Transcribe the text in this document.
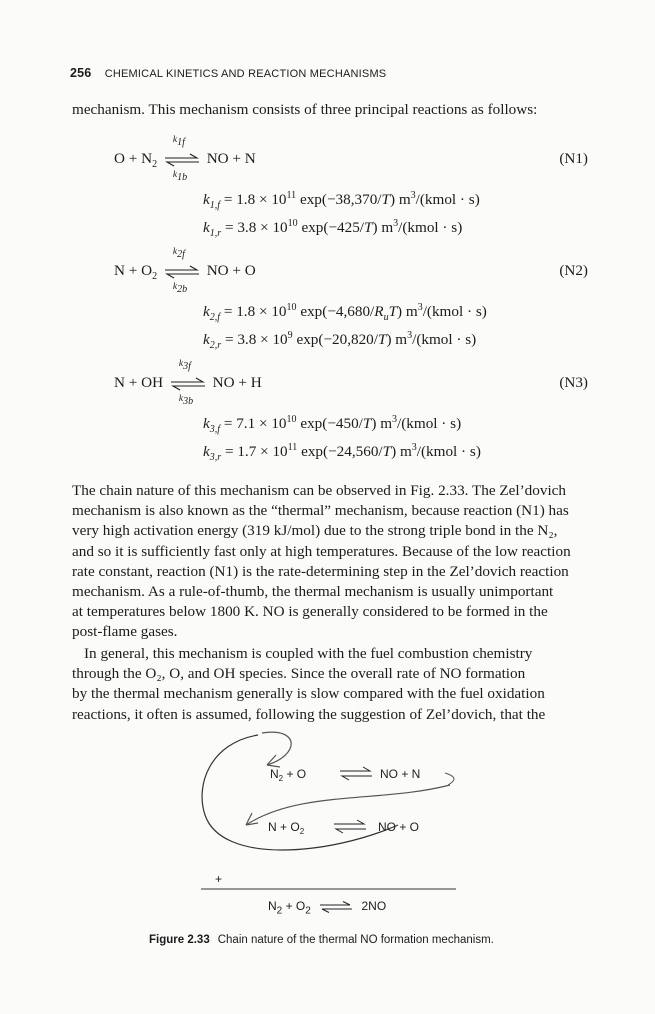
256 CHEMICAL KINETICS AND REACTION MECHANISMS
mechanism. This mechanism consists of three principal reactions as follows:
$O + N_2$
$k_{1f}$
$k_{1b}$
NO + N	(N1)
$k_{1,f} = 1.8 \times 10^{11}$ exp(−38,370/T) $m^3/(kmol \cdot s)$
$k_{1,r} = 3.8 \times 10^{10}$ exp(−425/T) $m^3/(kmol \cdot s)$
$N + O_2$
$k_{2f}$
$k_{2b}$
NO + O	(N2)
$k_{2,f} = 1.8 \times 10^{10}$ $\exp(-4,680/R_uT)$ $m^3/(kmol \cdot s)$
$k_{2,r} = 3.8 \times 10^9$ exp(−20,820/T) $m^3/(kmol \cdot s)$
N + OH
$k_{3f}$
$k_{3b}$
NO + H	(N3)
$k_{3,f} = 7.1 \times 10^{10}$ exp(−450/T) $m^3/(kmol \cdot s)$
$k_{3,r} = 1.7 \times 10^{11}$ exp(−24,560/T) $m^3/(kmol \cdot s)$
The chain nature of this mechanism can be observed in Fig. 2.33. The Zel’dovich
mechanism is also known as the “thermal” mechanism, because reaction (N1) has
very high activation energy (319 kJ/mol) due to the strong triple bond in the N₂,
and so it is sufficiently fast only at high temperatures. Because of the low reaction
rate constant, reaction (N1) is the rate-determining step in the Zel’dovich reaction
mechanism. As a rule-of-thumb, the thermal mechanism is usually unimportant
at temperatures below 1800 K. NO is generally considered to be formed in the
post-flame gases.
In general, this mechanism is coupled with the fuel combustion chemistry
through the O₂, O, and OH species. Since the overall rate of NO formation
by the thermal mechanism generally is slow compared with the fuel oxidation
reactions, it often is assumed, following the suggestion of Zel’dovich, that the
$N_2 + O$	NO + N
$N + O_2$	NO + O
+
$N_2 + O_2$	2NO
Figure 2.33 Chain nature of the thermal NO formation mechanism.
